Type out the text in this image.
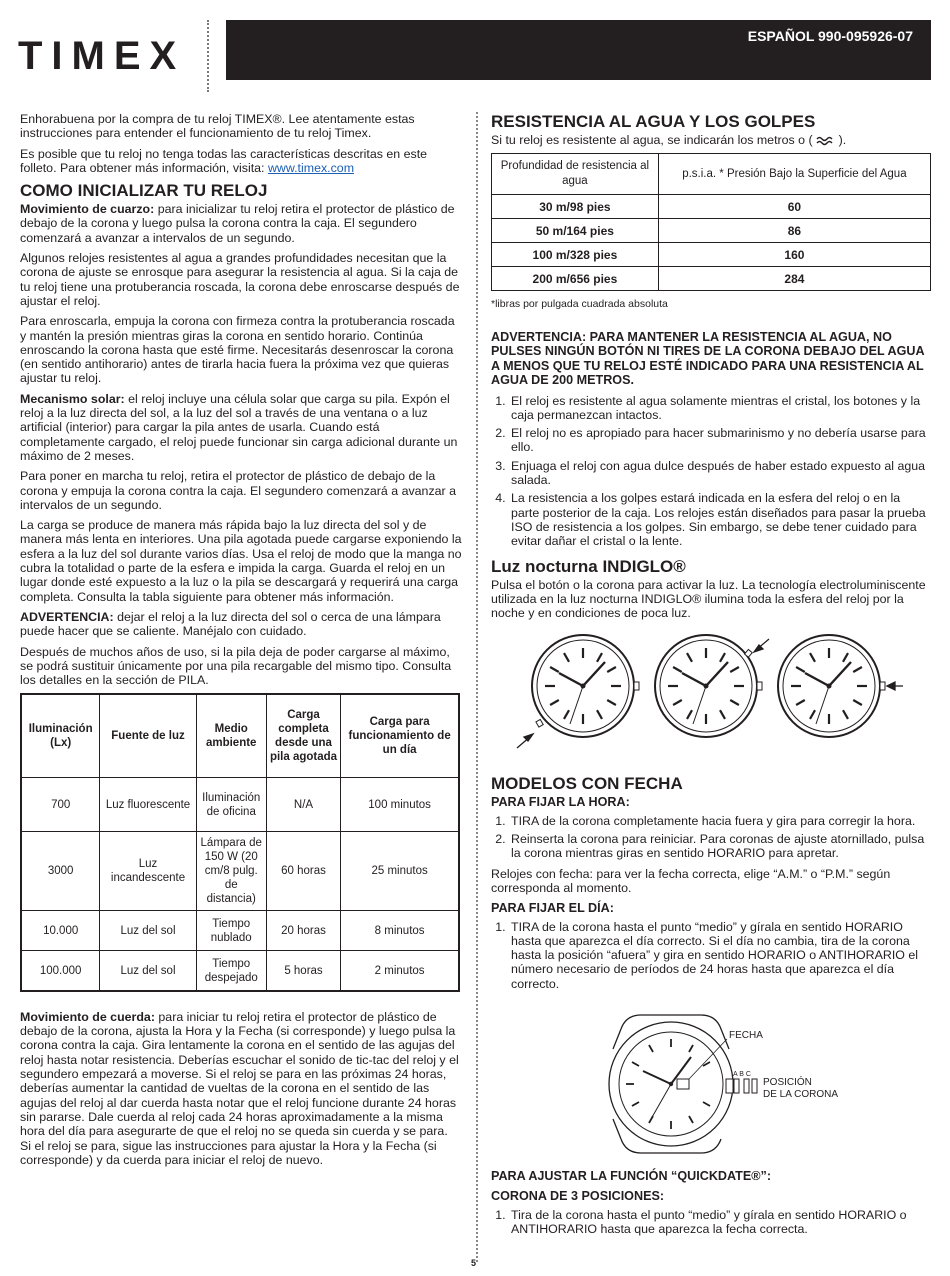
TIMEX	ESPAÑOL 990-095926-07

Enhorabuena por la compra de tu reloj TIMEX®. Lee atentamente estas instrucciones para entender el funcionamiento de tu reloj Timex.

Es posible que tu reloj no tenga todas las características descritas en este folleto. Para obtener más información, visita: www.timex.com

COMO INICIALIZAR TU RELOJ

Movimiento de cuarzo: para inicializar tu reloj retira el protector de plástico de debajo de la corona y luego pulsa la corona contra la caja. El segundero comenzará a avanzar a intervalos de un segundo.

Algunos relojes resistentes al agua a grandes profundidades necesitan que la corona de ajuste se enrosque para asegurar la resistencia al agua. Si la caja de tu reloj tiene una protuberancia roscada, la corona debe enroscarse después de ajustar el reloj.

Para enroscarla, empuja la corona con firmeza contra la protuberancia roscada y mantén la presión mientras giras la corona en sentido horario. Continúa enroscando la corona hasta que esté firme. Necesitarás desenroscar la corona (en sentido antihorario) antes de tirarla hacia fuera la próxima vez que quieras ajustar tu reloj.

Mecanismo solar: el reloj incluye una célula solar que carga su pila. Expón el reloj a la luz directa del sol, a la luz del sol a través de una ventana o a luz artificial (interior) para cargar la pila antes de usarla. Cuando está completamente cargado, el reloj puede funcionar sin carga adicional durante un máximo de 2 meses.

Para poner en marcha tu reloj, retira el protector de plástico de debajo de la corona y empuja la corona contra la caja. El segundero comenzará a avanzar a intervalos de un segundo.

La carga se produce de manera más rápida bajo la luz directa del sol y de manera más lenta en interiores. Una pila agotada puede cargarse exponiendo la esfera a la luz del sol durante varios días. Usa el reloj de modo que la manga no cubra la totalidad o parte de la esfera e impida la carga. Guarda el reloj en un lugar donde esté expuesto a la luz o la pila se descargará y requerirá una carga completa. Consulta la tabla siguiente para obtener más información.

ADVERTENCIA: dejar el reloj a la luz directa del sol o cerca de una lámpara puede hacer que se caliente. Manéjalo con cuidado.

Después de muchos años de uso, si la pila deja de poder cargarse al máximo, se podrá sustituir únicamente por una pila recargable del mismo tipo. Consulta los detalles en la sección de PILA.

Iluminación (Lx)	Fuente de luz	Medio ambiente	Carga completa desde una pila agotada	Carga para funcionamiento de un día
700	Luz fluorescente	Iluminación de oficina	N/A	100 minutos
3000	Luz incandescente	Lámpara de 150 W (20 cm/8 pulg. de distancia)	60 horas	25 minutos
10.000	Luz del sol	Tiempo nublado	20 horas	8 minutos
100.000	Luz del sol	Tiempo despejado	5 horas	2 minutos

Movimiento de cuerda: para iniciar tu reloj retira el protector de plástico de debajo de la corona, ajusta la Hora y la Fecha (si corresponde) y luego pulsa la corona contra la caja. Gira lentamente la corona en el sentido de las agujas del reloj hasta notar resistencia. Deberías escuchar el sonido de tic-tac del reloj y el segundero empezará a moverse. Si el reloj se para en las próximas 24 horas, deberías aumentar la cantidad de vueltas de la corona en el sentido de las agujas del reloj al dar cuerda hasta notar que el reloj funcione durante 24 horas sin pararse. Dale cuerda al reloj cada 24 horas aproximadamente a la misma hora del día para asegurarte de que el reloj no se queda sin cuerda y se para. Si el reloj se para, sigue las instrucciones para ajustar la Hora y la Fecha (si corresponde) y da cuerda para iniciar el reloj de nuevo.

RESISTENCIA AL AGUA Y LOS GOLPES

Si tu reloj es resistente al agua, se indicarán los metros o ( ).

Profundidad de resistencia al agua	p.s.i.a. * Presión Bajo la Superficie del Agua
30 m/98 pies	60
50 m/164 pies	86
100 m/328 pies	160
200 m/656 pies	284

*libras por pulgada cuadrada absoluta

ADVERTENCIA: PARA MANTENER LA RESISTENCIA AL AGUA, NO PULSES NINGÚN BOTÓN NI TIRES DE LA CORONA DEBAJO DEL AGUA A MENOS QUE TU RELOJ ESTÉ INDICADO PARA UNA RESISTENCIA AL AGUA DE 200 METROS.

1. El reloj es resistente al agua solamente mientras el cristal, los botones y la caja permanezcan intactos.
2. El reloj no es apropiado para hacer submarinismo y no debería usarse para ello.
3. Enjuaga el reloj con agua dulce después de haber estado expuesto al agua salada.
4. La resistencia a los golpes estará indicada en la esfera del reloj o en la parte posterior de la caja. Los relojes están diseñados para pasar la prueba ISO de resistencia a los golpes. Sin embargo, se debe tener cuidado para evitar dañar el cristal o la lente.
Luz nocturna INDIGLO®

Pulsa el botón o la corona para activar la luz. La tecnología electroluminiscente utilizada en la luz nocturna INDIGLO® ilumina toda la esfera del reloj por la noche y en condiciones de poca luz.

MODELOS CON FECHA
PARA FIJAR LA HORA:
1. TIRA de la corona completamente hacia fuera y gira para corregir la hora.
2. Reinserta la corona para reiniciar. Para coronas de ajuste atornillado, pulsa la corona mientras giras en sentido HORARIO para apretar.

Relojes con fecha: para ver la fecha correcta, elige “A.M.” o “P.M.” según corresponda al momento.

PARA FIJAR EL DÍA:
1. TIRA de la corona hasta el punto “medio” y gírala en sentido HORARIO hasta que aparezca el día correcto. Si el día no cambia, tira de la corona hasta la posición “afuera” y gira en sentido HORARIO o ANTIHORARIO el número necesario de períodos de 24 horas hasta que aparezca el día correcto.
FECHA
A B C
POSICIÓN
DE LA CORONA
PARA AJUSTAR LA FUNCIÓN “QUICKDATE®”:
CORONA DE 3 POSICIONES:
1. Tira de la corona hasta el punto “medio” y gírala en sentido HORARIO o ANTIHORARIO hasta que aparezca la fecha correcta.
5
